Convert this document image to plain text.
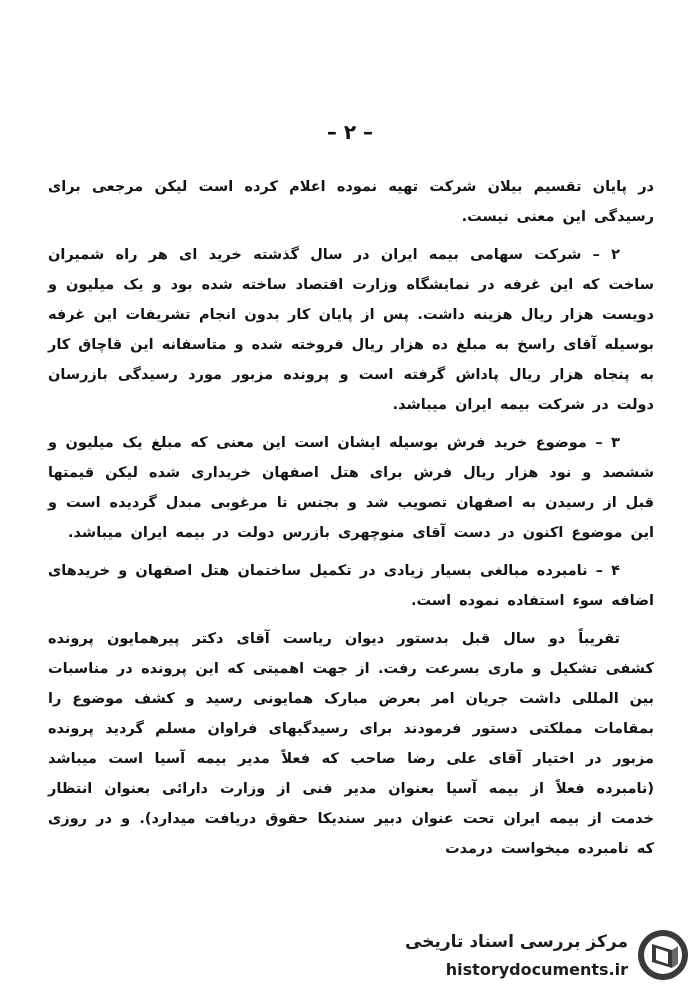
– ۲ –

در پایان تقسیم بیلان شرکت تهیه نموده اعلام کرده است لیکن مرجعی برای رسیدگی این معنی نیست.

۲ – شرکت سهامی بیمه ایران در سال گذشته خرید ای هر راه شمیران ساخت که این غرفه در نمایشگاه وزارت اقتصاد ساخته شده بود و یک میلیون و دویست هزار ریال هزینه داشت. پس از پایان کار بدون انجام تشریفات این غرفه بوسیله آقای راسخ به مبلغ ده هزار ریال فروخته شده و متاسفانه این قاچاق کار به پنجاه هزار ریال پاداش گرفته است و پرونده مزبور مورد رسیدگی بازرسان دولت در شرکت بیمه ایران میباشد.

۳ – موضوع خرید فرش بوسیله ایشان است این معنی که مبلغ یک میلیون و ششصد و نود هزار ریال فرش برای هتل اصفهان خریداری شده لیکن قیمتها قبل از رسیدن به اصفهان تصویب شد و بجنس تا مرغوبی مبدل گردیده است و این موضوع اکنون در دست آقای منوچهری بازرس دولت در بیمه ایران میباشد.

۴ – نامبرده مبالغی بسیار زیادی در تکمیل ساختمان هتل اصفهان و خریدهای اضافه سوء استفاده نموده است.

تقریباً دو سال قبل بدستور دیوان ریاست آقای دکتر پیرهمایون پرونده کشفی تشکیل و ماری بسرعت رفت. از جهت اهمیتی که این پرونده در مناسبات بین المللی داشت جریان امر بعرض مبارک همایونی رسید و کشف موضوع را بمقامات مملکتی دستور فرمودند برای رسیدگیهای فراوان مسلم گردید پرونده مزبور در اختیار آقای علی رضا صاحب که فعلاً مدیر بیمه آسیا است میباشد (نامبرده فعلاً از بیمه آسیا بعنوان مدیر فنی از وزارت دارائی بعنوان انتظار خدمت از بیمه ایران تحت عنوان دبیر سندیکا حقوق دریافت میدارد). و در روزی که نامبرده میخواست درمدت

مرکز بررسی اسناد تاریخی
historydocuments.ir
